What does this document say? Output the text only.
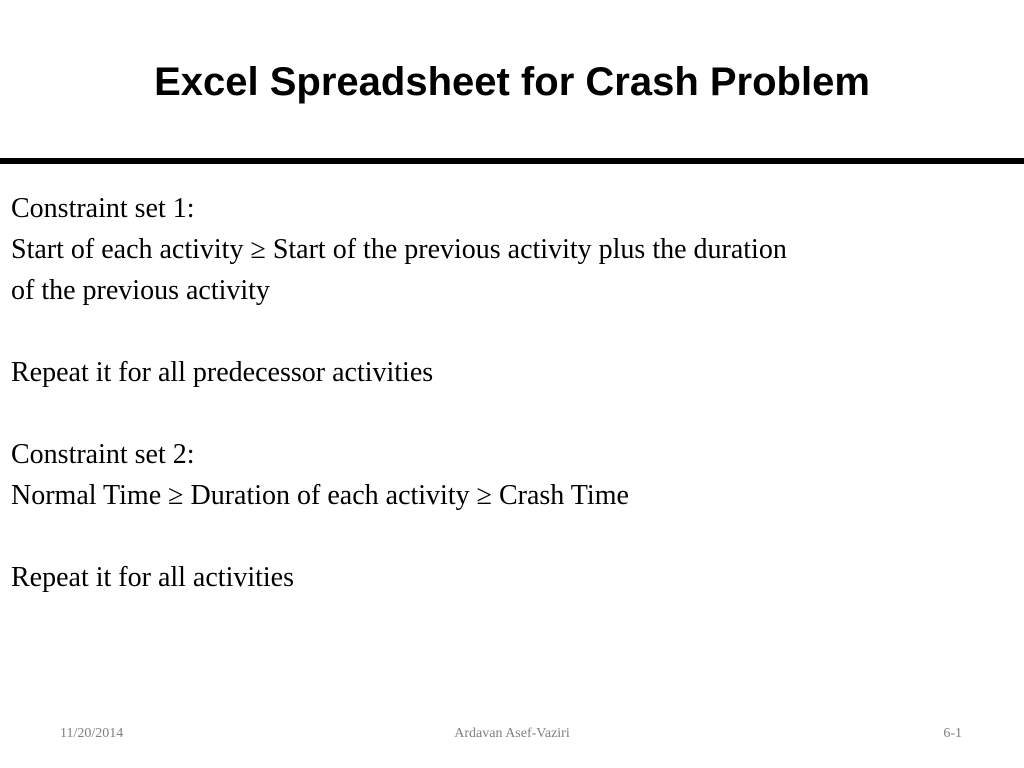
Excel Spreadsheet for Crash Problem
Constraint set 1:
Start of each activity ≥ Start of the previous activity plus the duration
of the previous activity
Repeat it for all predecessor activities
Constraint set 2:
Normal Time ≥ Duration of each activity ≥ Crash Time
Repeat it for all activities
11/20/2014	Ardavan Asef-Vaziri	6-1
